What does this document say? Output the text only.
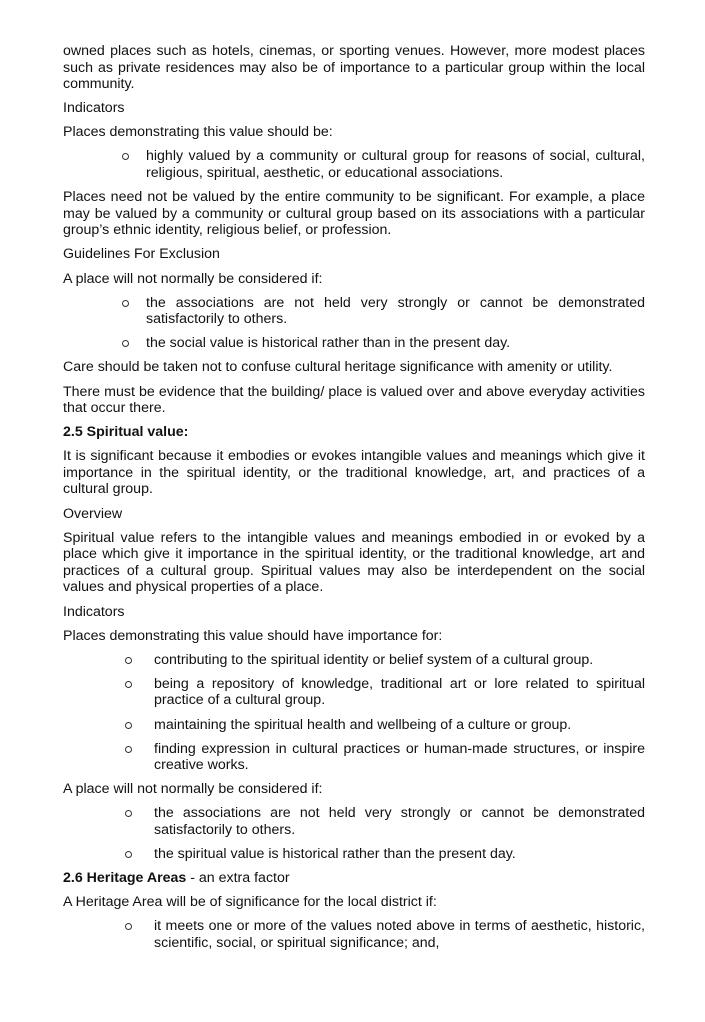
owned places such as hotels, cinemas, or sporting venues. However, more modest places such as private residences may also be of importance to a particular group within the local community.

Indicators

Places demonstrating this value should be:

highly valued by a community or cultural group for reasons of social, cultural, religious, spiritual, aesthetic, or educational associations.

Places need not be valued by the entire community to be significant. For example, a place may be valued by a community or cultural group based on its associations with a particular group’s ethnic identity, religious belief, or profession.

Guidelines For Exclusion

A place will not normally be considered if:

the associations are not held very strongly or cannot be demonstrated satisfactorily to others.
the social value is historical rather than in the present day.

Care should be taken not to confuse cultural heritage significance with amenity or utility.

There must be evidence that the building/ place is valued over and above everyday activities that occur there.

2.5 Spiritual value:

It is significant because it embodies or evokes intangible values and meanings which give it importance in the spiritual identity, or the traditional knowledge, art, and practices of a cultural group.

Overview

Spiritual value refers to the intangible values and meanings embodied in or evoked by a place which give it importance in the spiritual identity, or the traditional knowledge, art and practices of a cultural group. Spiritual values may also be interdependent on the social values and physical properties of a place.

Indicators

Places demonstrating this value should have importance for:

contributing to the spiritual identity or belief system of a cultural group.
being a repository of knowledge, traditional art or lore related to spiritual practice of a cultural group.
maintaining the spiritual health and wellbeing of a culture or group.
finding expression in cultural practices or human-made structures, or inspire creative works.

A place will not normally be considered if:

the associations are not held very strongly or cannot be demonstrated satisfactorily to others.
the spiritual value is historical rather than the present day.

2.6 Heritage Areas - an extra factor

A Heritage Area will be of significance for the local district if:

it meets one or more of the values noted above in terms of aesthetic, historic, scientific, social, or spiritual significance; and,
